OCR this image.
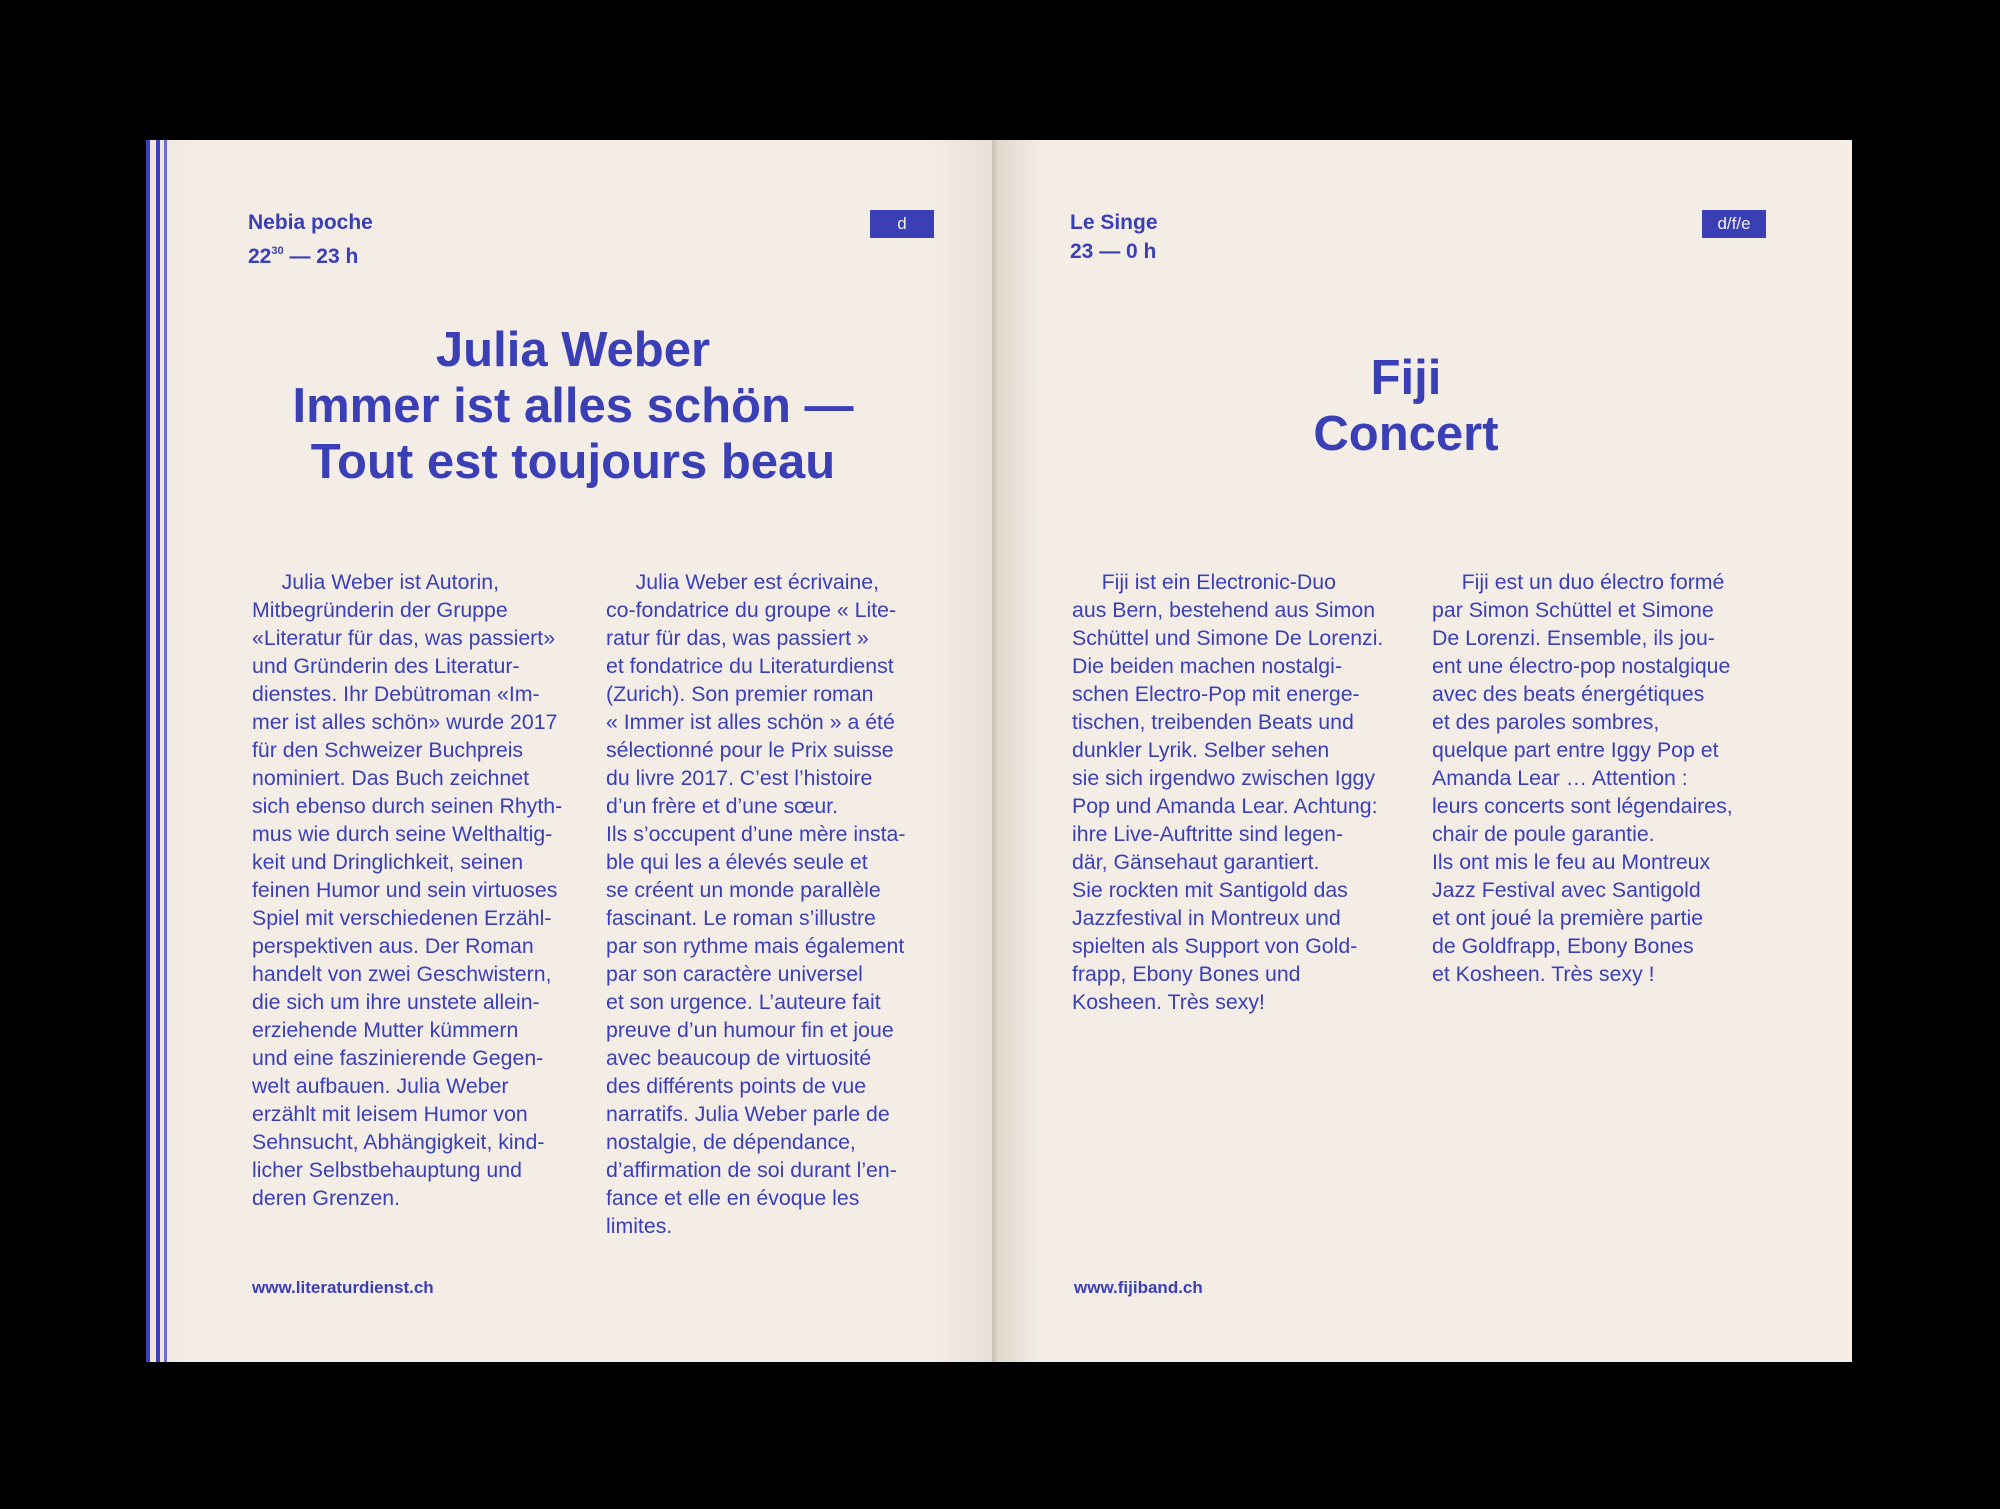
Nebia poche
$22^{30}$ — 23 h
d
Julia Weber
Immer ist alles schön —
Tout est toujours beau
Julia Weber ist Autorin,
Mitbegründerin der Gruppe
«Literatur für das, was passiert»
und Gründerin des Literatur-
dienstes. Ihr Debütroman «Im-
mer ist alles schön» wurde 2017
für den Schweizer Buchpreis
nominiert. Das Buch zeichnet
sich ebenso durch seinen Rhyth-
mus wie durch seine Welthaltig-
keit und Dringlichkeit, seinen
feinen Humor und sein virtuoses
Spiel mit verschiedenen Erzähl-
perspektiven aus. Der Roman
handelt von zwei Geschwistern,
die sich um ihre unstete allein-
erziehende Mutter kümmern
und eine faszinierende Gegen-
welt aufbauen. Julia Weber
erzählt mit leisem Humor von
Sehnsucht, Abhängigkeit, kind-
licher Selbstbehauptung und
deren Grenzen.
Julia Weber est écrivaine,
co-fondatrice du groupe « Lite-
ratur für das, was passiert »
et fondatrice du Literaturdienst
(Zurich). Son premier roman
« Immer ist alles schön » a été
sélectionné pour le Prix suisse
du livre 2017. C’est l’histoire
d’un frère et d’une sœur.
Ils s’occupent d’une mère insta-
ble qui les a élevés seule et
se créent un monde parallèle
fascinant. Le roman s’illustre
par son rythme mais également
par son caractère universel
et son urgence. L’auteure fait
preuve d’un humour fin et joue
avec beaucoup de virtuosité
des différents points de vue
narratifs. Julia Weber parle de
nostalgie, de dépendance,
d’affirmation de soi durant l’en-
fance et elle en évoque les
limites.
www.literaturdienst.ch
Le Singe
23 — 0 h
d/f/e
Fiji
Concert
Fiji ist ein Electronic-Duo
aus Bern, bestehend aus Simon
Schüttel und Simone De Lorenzi.
Die beiden machen nostalgi-
schen Electro-Pop mit energe-
tischen, treibenden Beats und
dunkler Lyrik. Selber sehen
sie sich irgendwo zwischen Iggy
Pop und Amanda Lear. Achtung:
ihre Live-Auftritte sind legen-
där, Gänsehaut garantiert.
Sie rockten mit Santigold das
Jazzfestival in Montreux und
spielten als Support von Gold-
frapp, Ebony Bones und
Kosheen. Très sexy!
Fiji est un duo électro formé
par Simon Schüttel et Simone
De Lorenzi. Ensemble, ils jou-
ent une électro-pop nostalgique
avec des beats énergétiques
et des paroles sombres,
quelque part entre Iggy Pop et
Amanda Lear … Attention :
leurs concerts sont légendaires,
chair de poule garantie.
Ils ont mis le feu au Montreux
Jazz Festival avec Santigold
et ont joué la première partie
de Goldfrapp, Ebony Bones
et Kosheen. Très sexy !
www.fijiband.ch
